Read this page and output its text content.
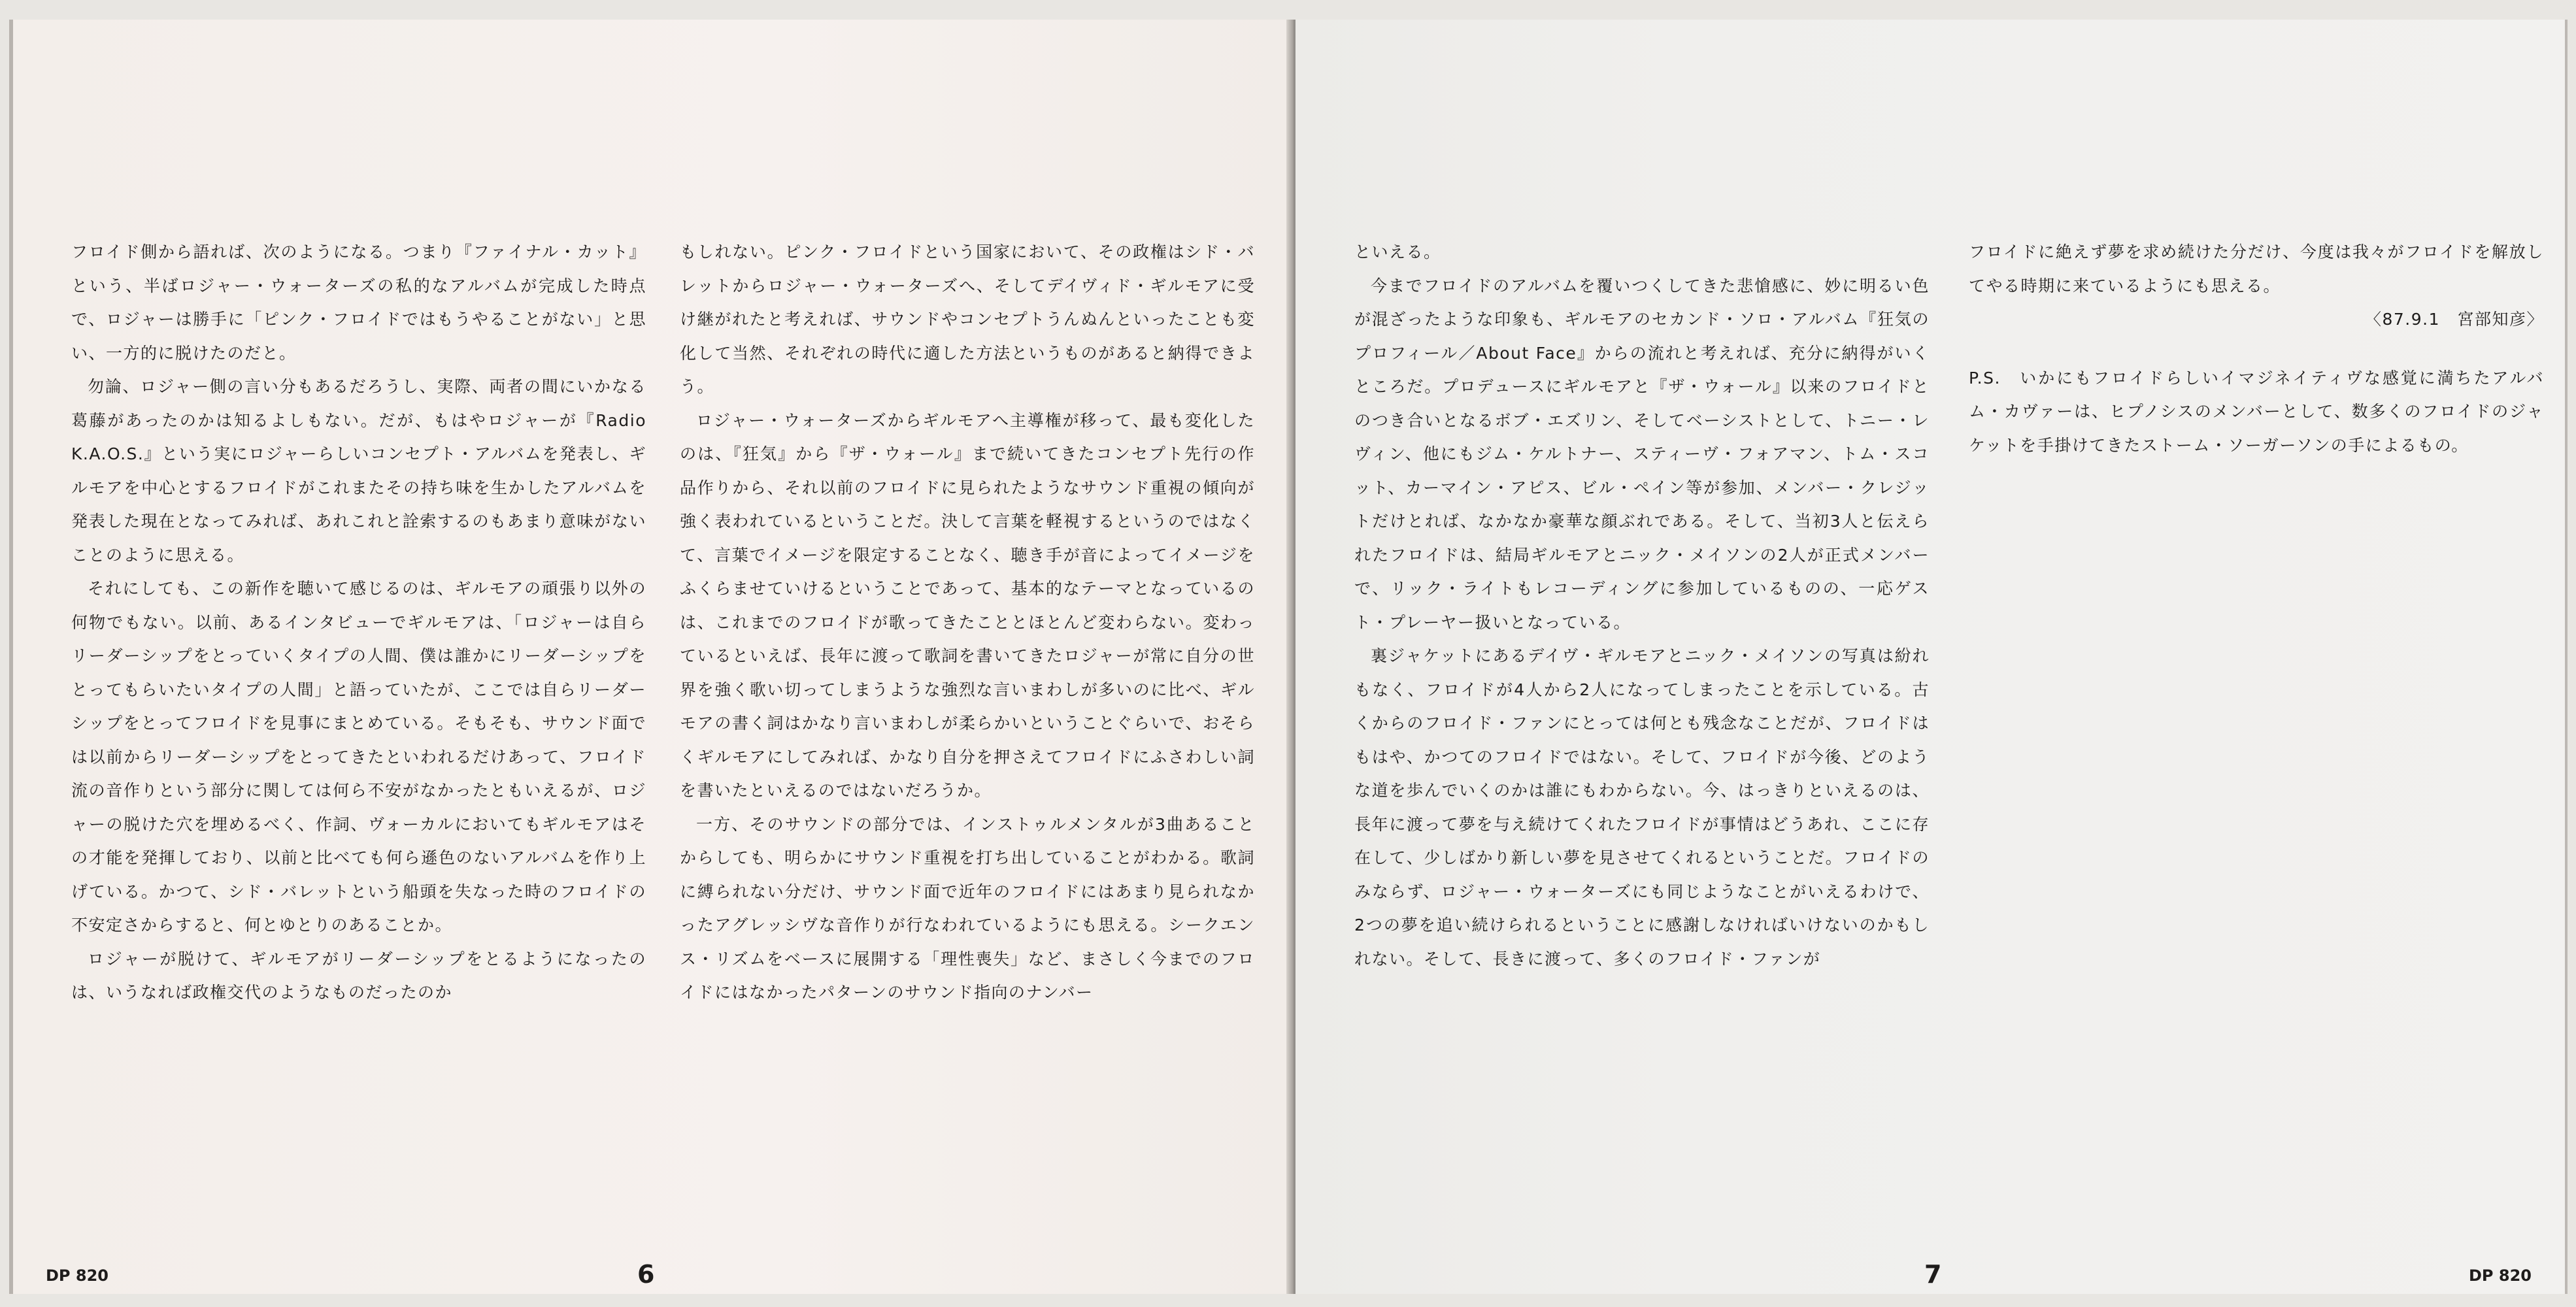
フロイド側から語れば、次のようになる。つまり『ファイナル・カット』という、半ばロジャー・ウォーターズの私的なアルバムが完成した時点で、ロジャーは勝手に「ピンク・フロイドではもうやることがない」と思い、一方的に脱けたのだと。

勿論、ロジャー側の言い分もあるだろうし、実際、両者の間にいかなる葛藤があったのかは知るよしもない。だが、もはやロジャーが『Radio K.A.O.S.』という実にロジャーらしいコンセプト・アルバムを発表し、ギルモアを中心とするフロイドがこれまたその持ち味を生かしたアルバムを発表した現在となってみれば、あれこれと詮索するのもあまり意味がないことのように思える。

それにしても、この新作を聴いて感じるのは、ギルモアの頑張り以外の何物でもない。以前、あるインタビューでギルモアは、「ロジャーは自らリーダーシップをとっていくタイプの人間、僕は誰かにリーダーシップをとってもらいたいタイプの人間」と語っていたが、ここでは自らリーダーシップをとってフロイドを見事にまとめている。そもそも、サウンド面では以前からリーダーシップをとってきたといわれるだけあって、フロイド流の音作りという部分に関しては何ら不安がなかったともいえるが、ロジャーの脱けた穴を埋めるべく、作詞、ヴォーカルにおいてもギルモアはその才能を発揮しており、以前と比べても何ら遜色のないアルバムを作り上げている。かつて、シド・バレットという船頭を失なった時のフロイドの不安定さからすると、何とゆとりのあることか。

ロジャーが脱けて、ギルモアがリーダーシップをとるようになったのは、いうなれば政権交代のようなものだったのか

もしれない。ピンク・フロイドという国家において、その政権はシド・バレットからロジャー・ウォーターズへ、そしてデイヴィド・ギルモアに受け継がれたと考えれば、サウンドやコンセプトうんぬんといったことも変化して当然、それぞれの時代に適した方法というものがあると納得できよう。

ロジャー・ウォーターズからギルモアへ主導権が移って、最も変化したのは、『狂気』から『ザ・ウォール』まで続いてきたコンセプト先行の作品作りから、それ以前のフロイドに見られたようなサウンド重視の傾向が強く表われているということだ。決して言葉を軽視するというのではなくて、言葉でイメージを限定することなく、聴き手が音によってイメージをふくらませていけるということであって、基本的なテーマとなっているのは、これまでのフロイドが歌ってきたこととほとんど変わらない。変わっているといえば、長年に渡って歌詞を書いてきたロジャーが常に自分の世界を強く歌い切ってしまうような強烈な言いまわしが多いのに比べ、ギルモアの書く詞はかなり言いまわしが柔らかいということぐらいで、おそらくギルモアにしてみれば、かなり自分を押さえてフロイドにふさわしい詞を書いたといえるのではないだろうか。

一方、そのサウンドの部分では、インストゥルメンタルが3曲あることからしても、明らかにサウンド重視を打ち出していることがわかる。歌詞に縛られない分だけ、サウンド面で近年のフロイドにはあまり見られなかったアグレッシヴな音作りが行なわれているようにも思える。シークエンス・リズムをベースに展開する「理性喪失」など、まさしく今までのフロイドにはなかったパターンのサウンド指向のナンバー

DP 820	6

といえる。

今までフロイドのアルバムを覆いつくしてきた悲愴感に、妙に明るい色が混ざったような印象も、ギルモアのセカンド・ソロ・アルバム『狂気のプロフィール／About Face』からの流れと考えれば、充分に納得がいくところだ。プロデュースにギルモアと『ザ・ウォール』以来のフロイドとのつき合いとなるボブ・エズリン、そしてベーシストとして、トニー・レヴィン、他にもジム・ケルトナー、スティーヴ・フォアマン、トム・スコット、カーマイン・アピス、ビル・ペイン等が参加、メンバー・クレジットだけとれば、なかなか豪華な顔ぶれである。そして、当初3人と伝えられたフロイドは、結局ギルモアとニック・メイソンの2人が正式メンバーで、リック・ライトもレコーディングに参加しているものの、一応ゲスト・プレーヤー扱いとなっている。

裏ジャケットにあるデイヴ・ギルモアとニック・メイソンの写真は紛れもなく、フロイドが4人から2人になってしまったことを示している。古くからのフロイド・ファンにとっては何とも残念なことだが、フロイドはもはや、かつてのフロイドではない。そして、フロイドが今後、どのような道を歩んでいくのかは誰にもわからない。今、はっきりといえるのは、長年に渡って夢を与え続けてくれたフロイドが事情はどうあれ、ここに存在して、少しばかり新しい夢を見させてくれるということだ。フロイドのみならず、ロジャー・ウォーターズにも同じようなことがいえるわけで、2つの夢を追い続けられるということに感謝しなければいけないのかもしれない。そして、長きに渡って、多くのフロイド・ファンが

フロイドに絶えず夢を求め続けた分だけ、今度は我々がフロイドを解放してやる時期に来ているようにも思える。

〈87.9.1　宮部知彦〉

P.S.　いかにもフロイドらしいイマジネイティヴな感覚に満ちたアルバム・カヴァーは、ヒプノシスのメンバーとして、数多くのフロイドのジャケットを手掛けてきたストーム・ソーガーソンの手によるもの。

7	DP 820
